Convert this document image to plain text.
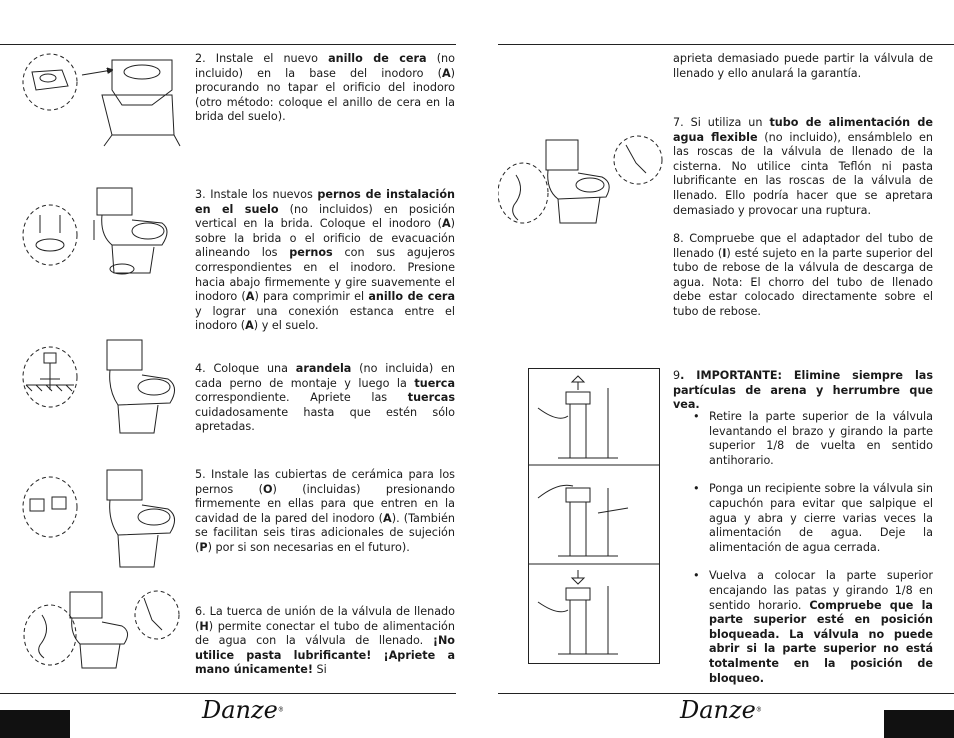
2. Instale el nuevo anillo de cera (no incluido) en la base del inodoro (A) procurando no tapar el orificio del inodoro (otro método: coloque el anillo de cera en la brida del suelo).
3. Instale los nuevos pernos de instalación en el suelo (no incluidos) en posición vertical en la brida. Coloque el inodoro (A) sobre la brida o el orificio de evacuación alineando los pernos con sus agujeros correspondientes en el inodoro. Presione hacia abajo firmemente y gire suavemente el inodoro (A) para comprimir el anillo de cera y lograr una conexión estanca entre el inodoro (A) y el suelo.
4. Coloque una arandela (no incluida) en cada perno de montaje y luego la tuerca correspondiente. Apriete las tuercas cuidadosamente hasta que estén sólo apretadas.
5. Instale las cubiertas de cerámica para los pernos (O) (incluidas) presionando firmemente en ellas para que entren en la cavidad de la pared del inodoro (A). (También se facilitan seis tiras adicionales de sujeción (P) por si son necesarias en el futuro).
6. La tuerca de unión de la válvula de llenado (H) permite conectar el tubo de alimentación de agua con la válvula de llenado. ¡No utilice pasta lubrificante! ¡Apriete a mano únicamente! Si
aprieta demasiado puede partir la válvula de llenado y ello anulará la garantía.
7. Si utiliza un tubo de alimentación de agua flexible (no incluido), ensámblelo en las roscas de la válvula de llenado de la cisterna. No utilice cinta Teflón ni pasta lubrificante en las roscas de la válvula de llenado. Ello podría hacer que se apretara demasiado y provocar una ruptura.
8. Compruebe que el adaptador del tubo de llenado (I) esté sujeto en la parte superior del tubo de rebose de la válvula de descarga de agua. Nota: El chorro del tubo de llenado debe estar colocado directamente sobre el tubo de rebose.
9. IMPORTANTE: Elimine siempre las partículas de arena y herrumbre que vea.
• Retire la parte superior de la válvula levantando el brazo y girando la parte superior 1/8 de vuelta en sentido antihorario.
• Ponga un recipiente sobre la válvula sin capuchón para evitar que salpique el agua y abra y cierre varias veces la alimentación de agua. Deje la alimentación de agua cerrada.
• Vuelva a colocar la parte superior encajando las patas y girando 1/8 en sentido horario. Compruebe que la parte superior esté en posición bloqueada. La válvula no puede abrir si la parte superior no está totalmente en la posición de bloqueo.
Danze®	Danze®
